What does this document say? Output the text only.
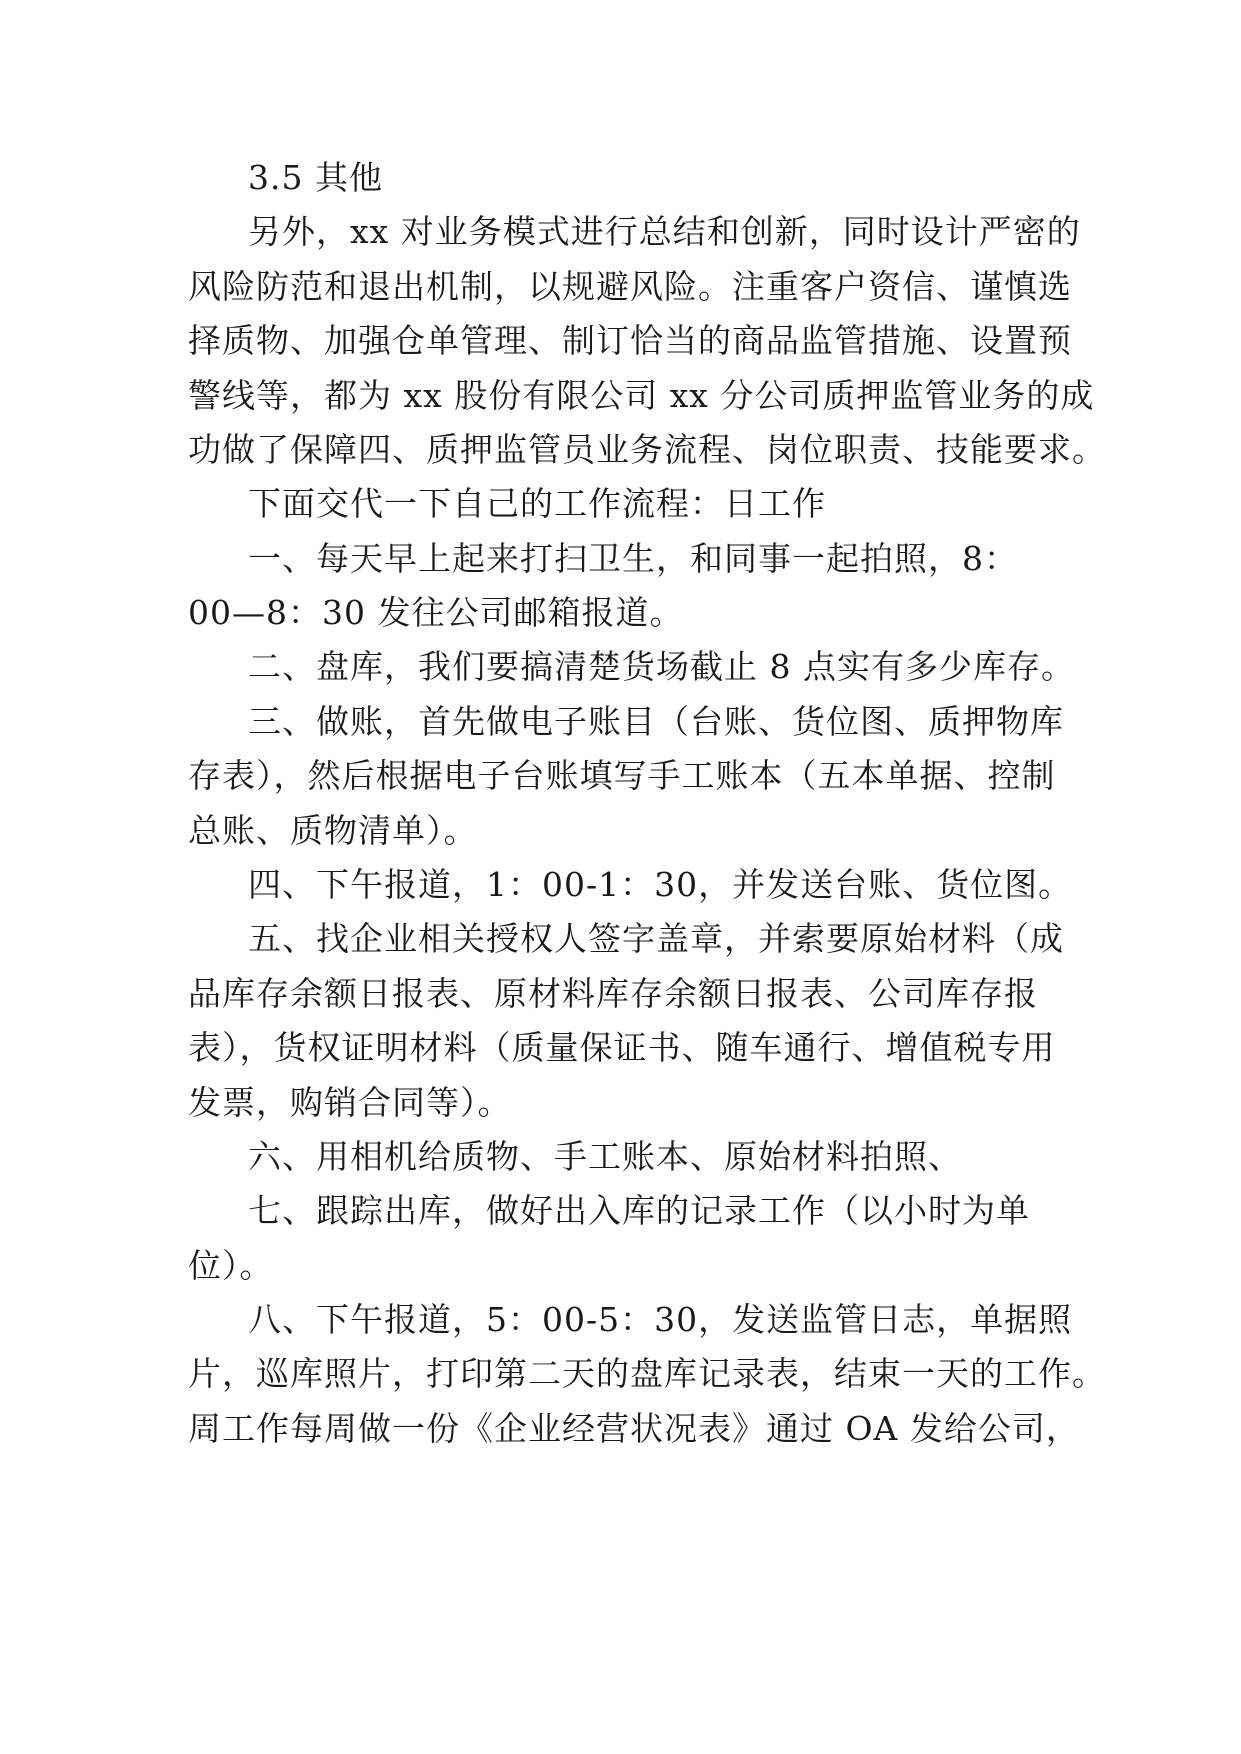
3.5 其他
另外，xx 对业务模式进行总结和创新，同时设计严密的
风险防范和退出机制，以规避风险。注重客户资信、谨慎选
择质物、加强仓单管理、制订恰当的商品监管措施、设置预
警线等，都为 xx 股份有限公司 xx 分公司质押监管业务的成
功做了保障四、质押监管员业务流程、岗位职责、技能要求。
下面交代一下自己的工作流程：日工作
一、每天早上起来打扫卫生，和同事一起拍照，8：
00—8：30 发往公司邮箱报道。
二、盘库，我们要搞清楚货场截止 8 点实有多少库存。
三、做账，首先做电子账目（台账、货位图、质押物库
存表），然后根据电子台账填写手工账本（五本单据、控制
总账、质物清单）。
四、下午报道，1：00-1：30，并发送台账、货位图。
五、找企业相关授权人签字盖章，并索要原始材料（成
品库存余额日报表、原材料库存余额日报表、公司库存报
表），货权证明材料（质量保证书、随车通行、增值税专用
发票，购销合同等）。
六、用相机给质物、手工账本、原始材料拍照、
七、跟踪出库，做好出入库的记录工作（以小时为单
位）。
八、下午报道，5：00-5：30，发送监管日志，单据照
片，巡库照片，打印第二天的盘库记录表，结束一天的工作。
周工作每周做一份《企业经营状况表》通过 OA 发给公司，
